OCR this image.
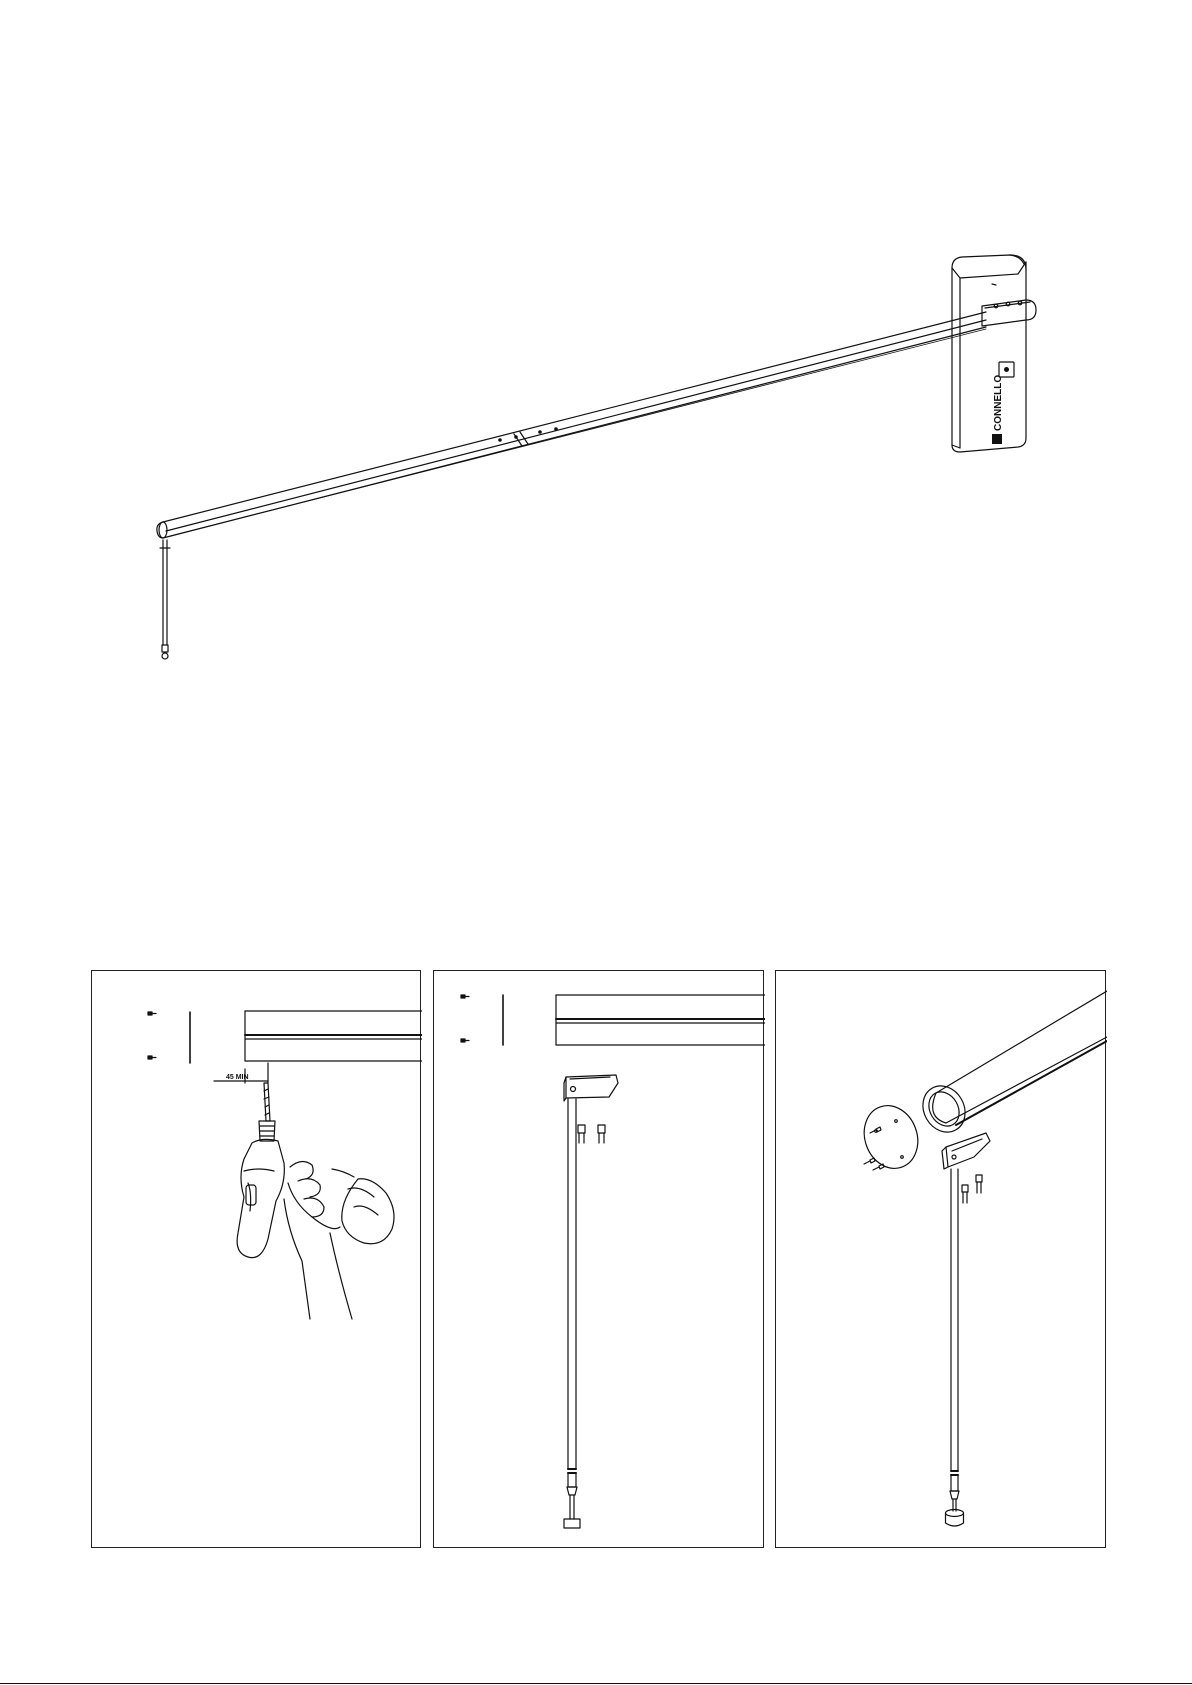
CONNELLO
45 MIN
